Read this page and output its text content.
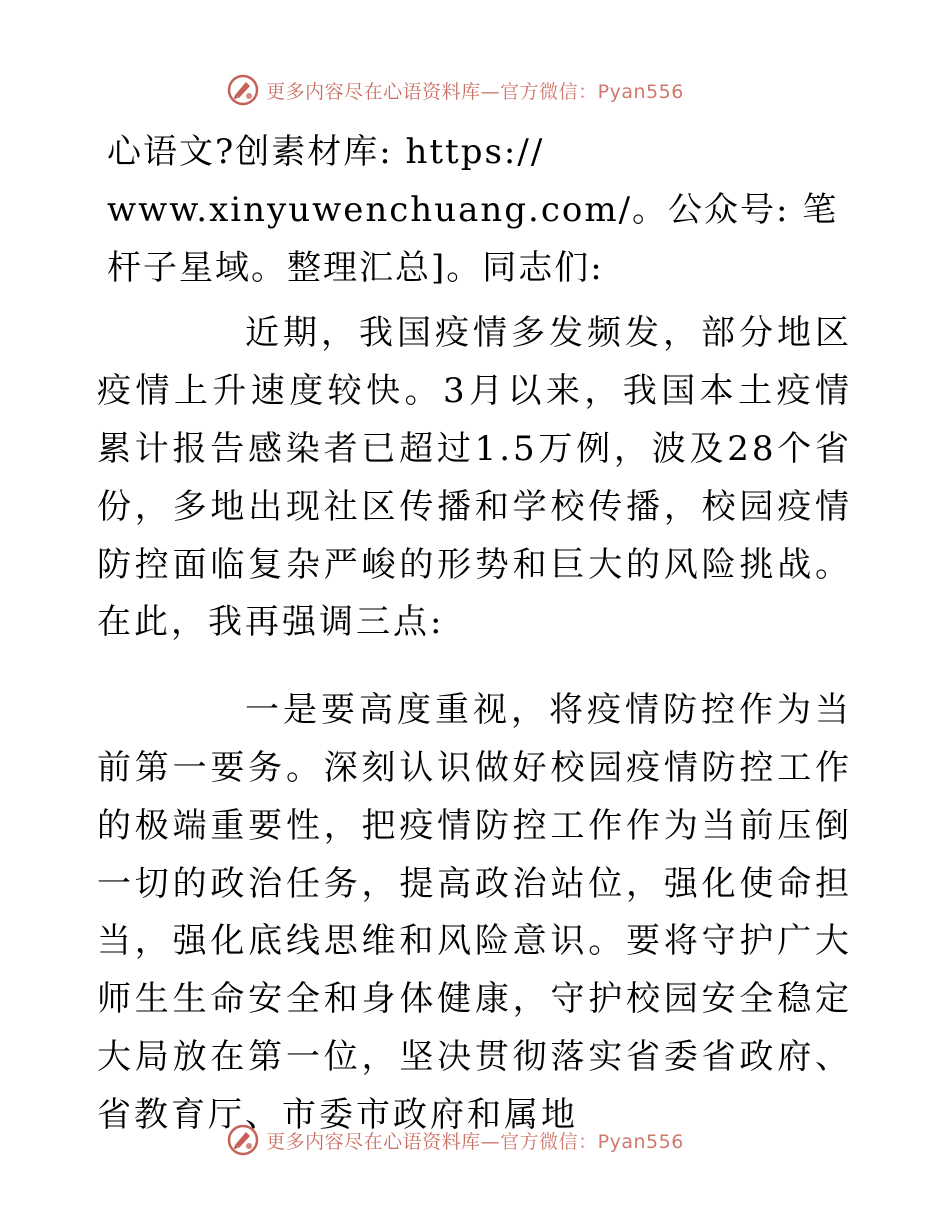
更多内容尽在心语资料库 —官方微信：Pyan556

心语文?创素材库: https://
www.xinyuwenchuang.com/。公众号: 笔杆子星域。整理汇总]。同志们:

近期，我国疫情多发频发，部分地区疫情上升速度较快。3月以来，我国本土疫情累计报告感染者已超过1.5万例，波及28个省份，多地出现社区传播和学校传播，校园疫情防控面临复杂严峻的形势和巨大的风险挑战。在此，我再强调三点:

一是要高度重视，将疫情防控作为当前第一要务。深刻认识做好校园疫情防控工作的极端重要性，把疫情防控工作作为当前压倒一切的政治任务，提高政治站位，强化使命担当，强化底线思维和风险意识。要将守护广大师生生命安全和身体健康，守护校园安全稳定大局放在第一位，坚决贯彻落实省委省政府、省教育厅、市委市政府和属地

更多内容尽在心语资料库 —官方微信：Pyan556
